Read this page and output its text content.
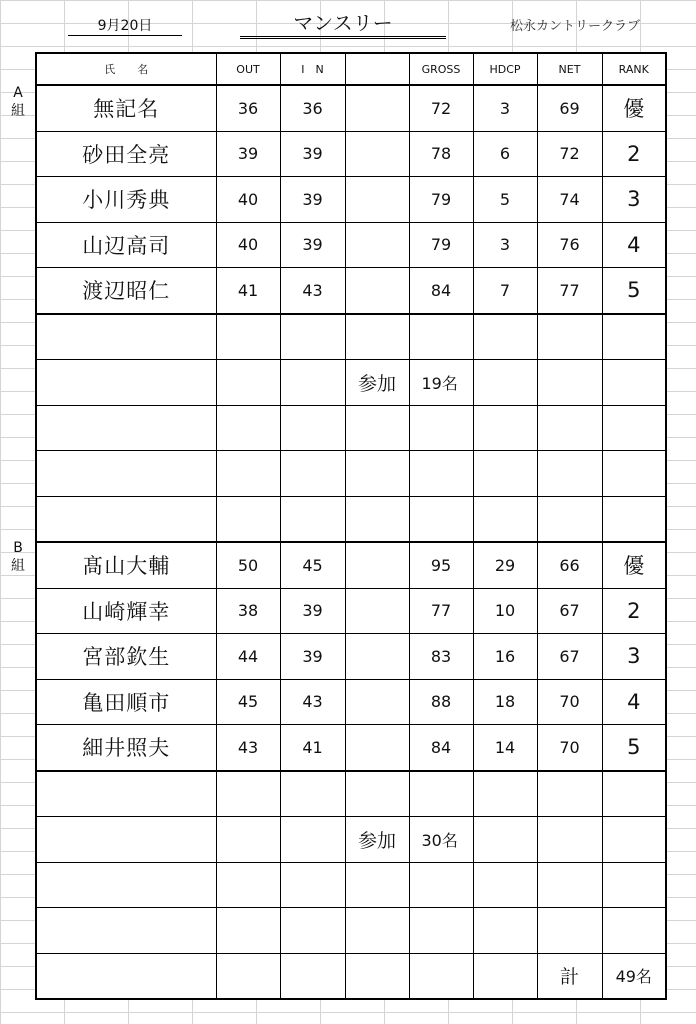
9月20日	マンスリー	松永カントリークラブ
A
組
B
組
氏　　名	OUT	I　N		GROSS	HDCP	NET	RANK
無記名	36	36		72	3	69	優
砂田全亮	39	39		78	6	72	2
小川秀典	40	39		79	5	74	3
山辺高司	40	39		79	3	76	4
渡辺昭仁	41	43		84	7	77	5

			参加	19名			

髙山大輔	50	45		95	29	66	優
山崎輝幸	38	39		77	10	67	2
宮部欽生	44	39		83	16	67	3
亀田順市	45	43		88	18	70	4
細井照夫	43	41		84	14	70	5

			参加	30名			

						計	49名
